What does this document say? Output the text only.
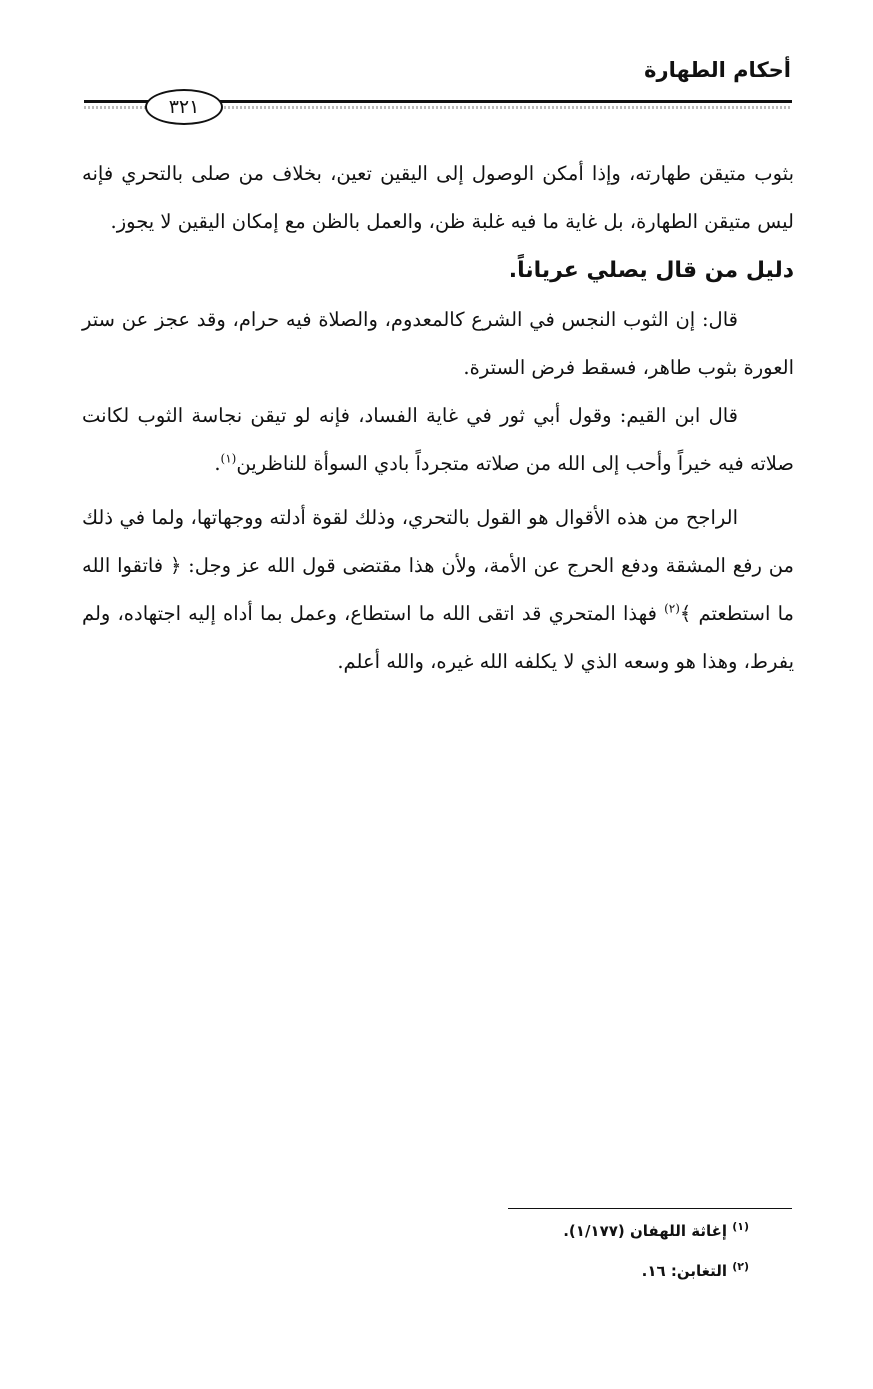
أحكام الطهارة
٣٢١

بثوب متيقن طهارته، وإذا أمكن الوصول إلى اليقين تعين، بخلاف من صلى بالتحري فإنه ليس متيقن الطهارة، بل غاية ما فيه غلبة ظن، والعمل بالظن مع إمكان اليقين لا يجوز.

دليل من قال يصلي عرياناً.

قال: إن الثوب النجس في الشرع كالمعدوم، والصلاة فيه حرام، وقد عجز عن ستر العورة بثوب طاهر، فسقط فرض السترة.

قال ابن القيم: وقول أبي ثور في غاية الفساد، فإنه لو تيقن نجاسة الثوب لكانت صلاته فيه خيراً وأحب إلى الله من صلاته متجرداً بادي السوأة للناظرين$^{(١)}$.

الراجح من هذه الأقوال هو القول بالتحري، وذلك لقوة أدلته ووجهاتها، ولما في ذلك من رفع المشقة ودفع الحرج عن الأمة، ولأن هذا مقتضى قول الله عز وجل: ﴿ فاتقوا الله ما استطعتم ﴾$^{(٢)}$ فهذا المتحري قد اتقى الله ما استطاع، وعمل بما أداه إليه اجتهاده، ولم يفرط، وهذا هو وسعه الذي لا يكلفه الله غيره، والله أعلم.

$^{(١)}$ إغاثة اللهفان (١/١٧٧).

$^{(٢)}$ التغابن: ١٦.
